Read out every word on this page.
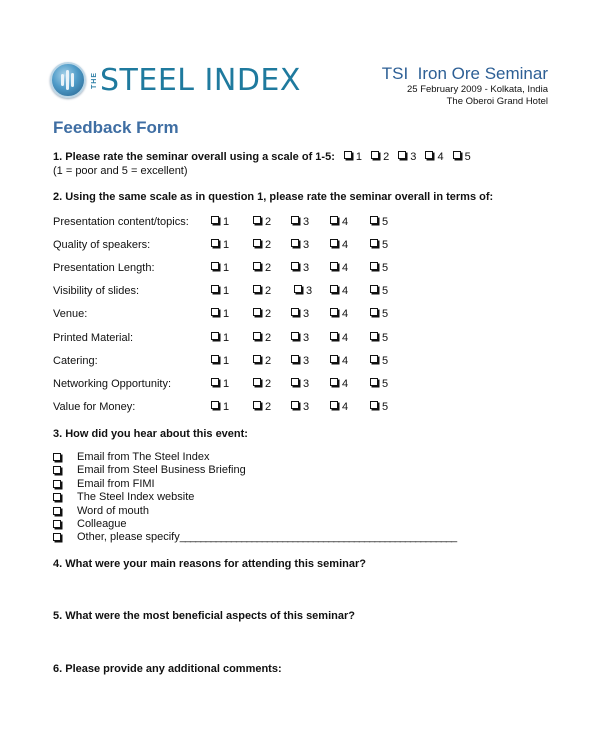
THE STEEL INDEX	TSI  Iron Ore Seminar
25 February 2009 - Kolkata, India
The Oberoi Grand Hotel
Feedback Form
1. Please rate the seminar overall using a scale of 1-5: 1 2 3 4 5
(1 = poor and 5 = excellent)
2. Using the same scale as in question 1, please rate the seminar overall in terms of:
Presentation content/topics:	1	2	3	4	5
Quality of speakers:	1	2	3	4	5
Presentation Length:	1	2	3	4	5
Visibility of slides:	1	2	3	4	5
Venue:	1	2	3	4	5
Printed Material:	1	2	3	4	5
Catering:	1	2	3	4	5
Networking Opportunity:	1	2	3	4	5
Value for Money:	1	2	3	4	5
3. How did you hear about this event:
Email from The Steel Index
Email from Steel Business Briefing
Email from FIMI
The Steel Index website
Word of mouth
Colleague
Other, please specify ______________________________________________________
4. What were your main reasons for attending this seminar?
5. What were the most beneficial aspects of this seminar?
6. Please provide any additional comments:
